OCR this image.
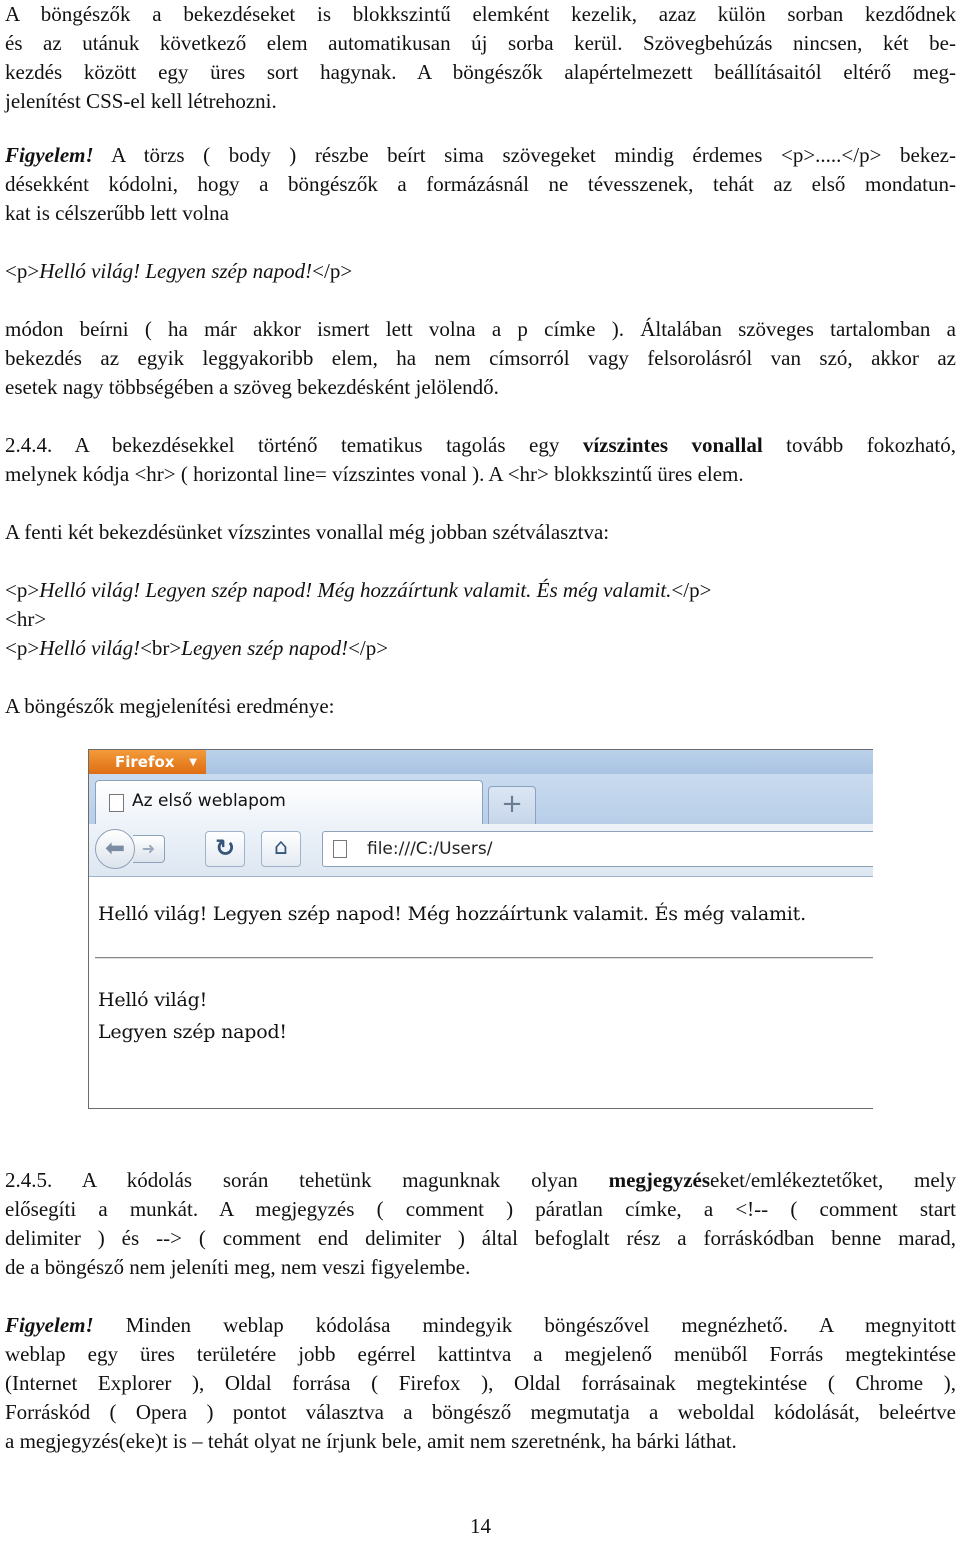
A böngészők a bekezdéseket is blokkszintű elemként kezelik, azaz külön sorban kezdődnek
és az utánuk következő elem automatikusan új sorba kerül. Szövegbehúzás nincsen, két be-
kezdés között egy üres sort hagynak. A böngészők alapértelmezett beállításaitól eltérő meg-
jelenítést CSS-el kell létrehozni.
Figyelem! A törzs ( body ) részbe beírt sima szövegeket mindig érdemes <p>.....</p> bekez-
désekként kódolni, hogy a böngészők a formázásnál ne tévesszenek, tehát az első mondatun-
kat is célszerűbb lett volna
<p>Helló világ! Legyen szép napod!</p>
módon beírni ( ha már akkor ismert lett volna a p címke ). Általában szöveges tartalomban a
bekezdés az egyik leggyakoribb elem, ha nem címsorról vagy felsorolásról van szó, akkor az
esetek nagy többségében a szöveg bekezdésként jelölendő.
2.4.4. A bekezdésekkel történő tematikus tagolás egy vízszintes vonallal tovább fokozható,
melynek kódja <hr> ( horizontal line= vízszintes vonal ). A <hr> blokkszintű üres elem.
A fenti két bekezdésünket vízszintes vonallal még jobban szétválasztva:
<p>Helló világ! Legyen szép napod! Még hozzáírtunk valamit. És még valamit.</p>
<hr>
<p>Helló világ!<br>Legyen szép napod!</p>
A böngészők megjelenítési eredménye:
2.4.5. A kódolás során tehetünk magunknak olyan megjegyzéseket/emlékeztetőket, mely
elősegíti a munkát. A megjegyzés ( comment ) páratlan címke, a <!-- ( comment start
delimiter ) és --> ( comment end delimiter ) által befoglalt rész a forráskódban benne marad,
de a böngésző nem jeleníti meg, nem veszi figyelembe.
Figyelem! Minden weblap kódolása mindegyik böngészővel megnézhető. A megnyitott
weblap egy üres területére jobb egérrel kattintva a megjelenő menüből Forrás megtekintése
(Internet Explorer ), Oldal forrása ( Firefox ), Oldal forrásainak megtekintése ( Chrome ),
Forráskód ( Opera ) pontot választva a böngésző megmutatja a weboldal kódolását, beleértve
a megjegyzés(eke)t is – tehát olyat ne írjunk bele, amit nem szeretnénk, ha bárki láthat.
14
Firefox ▼
Az első weblapom	+
➜
⬅	↻	⌂	file:///C:/Users/
Helló világ! Legyen szép napod! Még hozzáírtunk valamit. És még valamit.
Helló világ!
Legyen szép napod!
